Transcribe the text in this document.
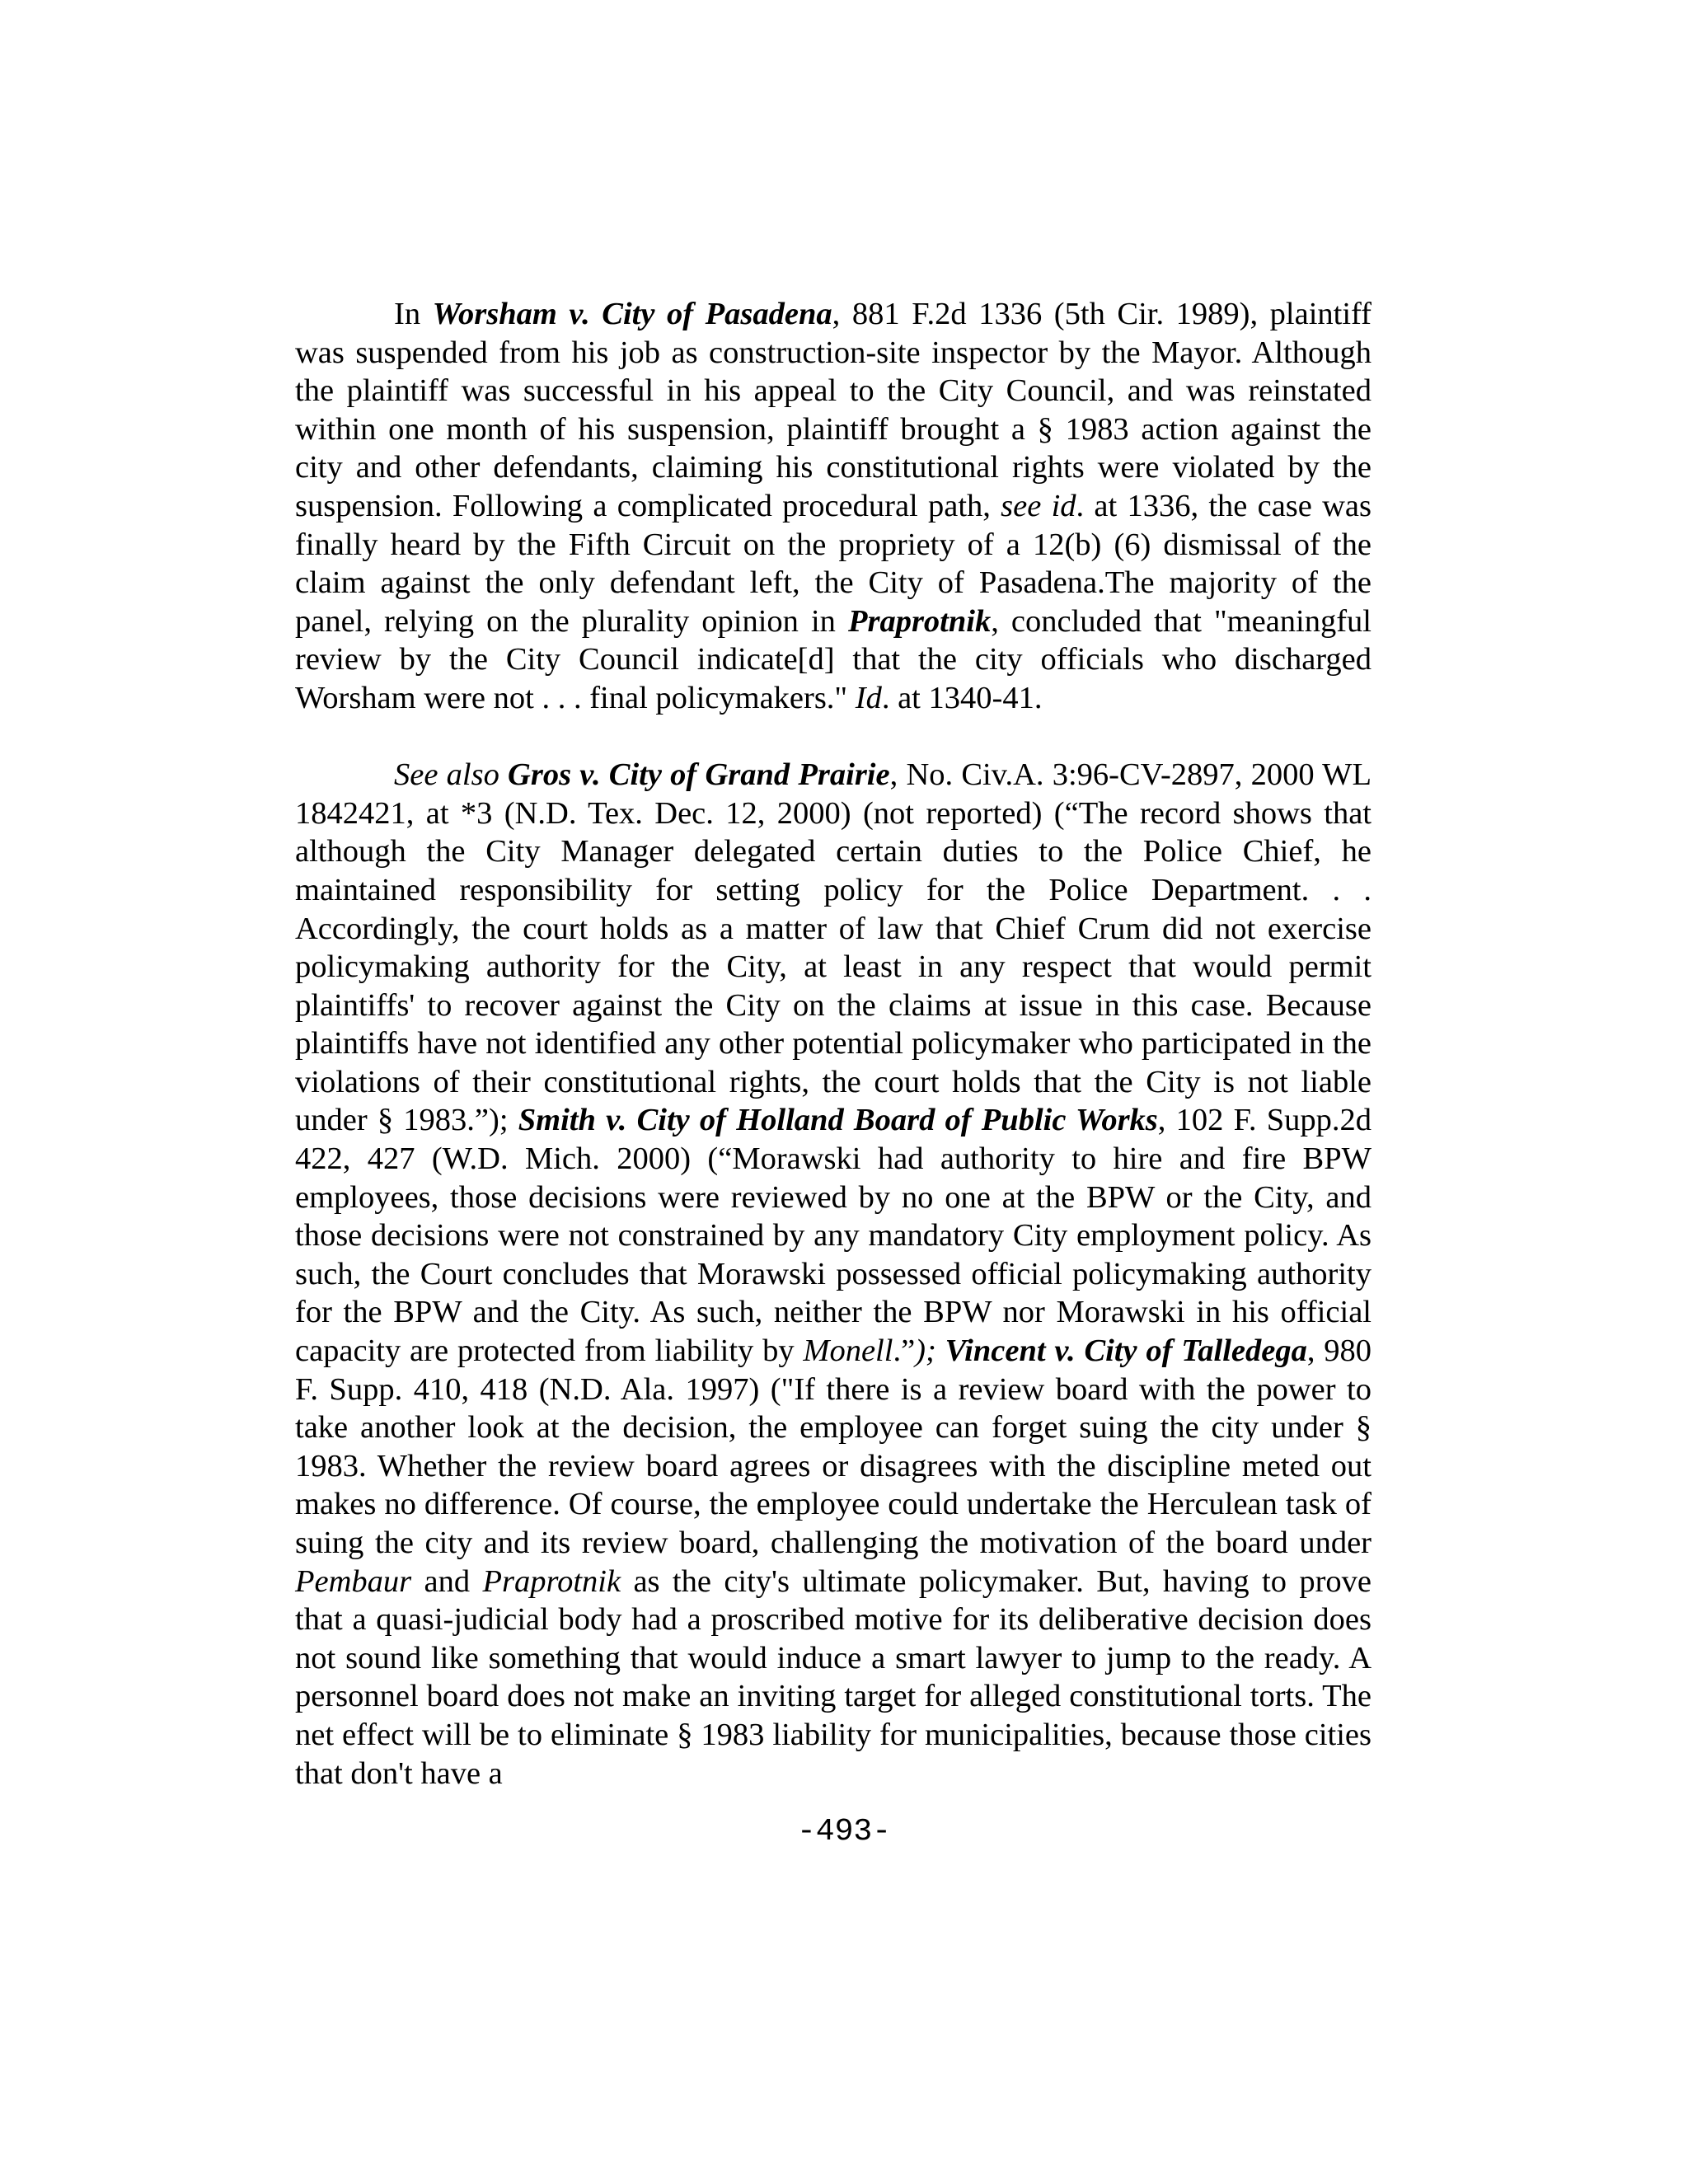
In Worsham v. City of Pasadena, 881 F.2d 1336 (5th Cir. 1989), plaintiff was suspended from his job as construction-site inspector by the Mayor. Although the plaintiff was successful in his appeal to the City Council, and was reinstated within one month of his suspension, plaintiff brought a § 1983 action against the city and other defendants, claiming his constitutional rights were violated by the suspension. Following a complicated procedural path, see id. at 1336, the case was finally heard by the Fifth Circuit on the propriety of a 12(b) (6) dismissal of the claim against the only defendant left, the City of Pasadena.The majority of the panel, relying on the plurality opinion in Praprotnik, concluded that "meaningful review by the City Council indicate[d] that the city officials who discharged Worsham were not . . . final policymakers." Id. at 1340-41.

See also Gros v. City of Grand Prairie, No. Civ.A. 3:96-CV-2897, 2000 WL 1842421, at *3 (N.D. Tex. Dec. 12, 2000) (not reported) (“The record shows that although the City Manager delegated certain duties to the Police Chief, he maintained responsibility for setting policy for the Police Department. . . Accordingly, the court holds as a matter of law that Chief Crum did not exercise policymaking authority for the City, at least in any respect that would permit plaintiffs' to recover against the City on the claims at issue in this case. Because plaintiffs have not identified any other potential policymaker who participated in the violations of their constitutional rights, the court holds that the City is not liable under § 1983.”); Smith v. City of Holland Board of Public Works, 102 F. Supp.2d 422, 427 (W.D. Mich. 2000) (“Morawski had authority to hire and fire BPW employees, those decisions were reviewed by no one at the BPW or the City, and those decisions were not constrained by any mandatory City employment policy. As such, the Court concludes that Morawski possessed official policymaking authority for the BPW and the City. As such, neither the BPW nor Morawski in his official capacity are protected from liability by Monell.”); Vincent v. City of Talledega, 980 F. Supp. 410, 418 (N.D. Ala. 1997) ("If there is a review board with the power to take another look at the decision, the employee can forget suing the city under § 1983. Whether the review board agrees or disagrees with the discipline meted out makes no difference. Of course, the employee could undertake the Herculean task of suing the city and its review board, challenging the motivation of the board under Pembaur and Praprotnik as the city's ultimate policymaker. But, having to prove that a quasi-judicial body had a proscribed motive for its deliberative decision does not sound like something that would induce a smart lawyer to jump to the ready. A personnel board does not make an inviting target for alleged constitutional torts. The net effect will be to eliminate § 1983 liability for municipalities, because those cities that don't have a

-493-
